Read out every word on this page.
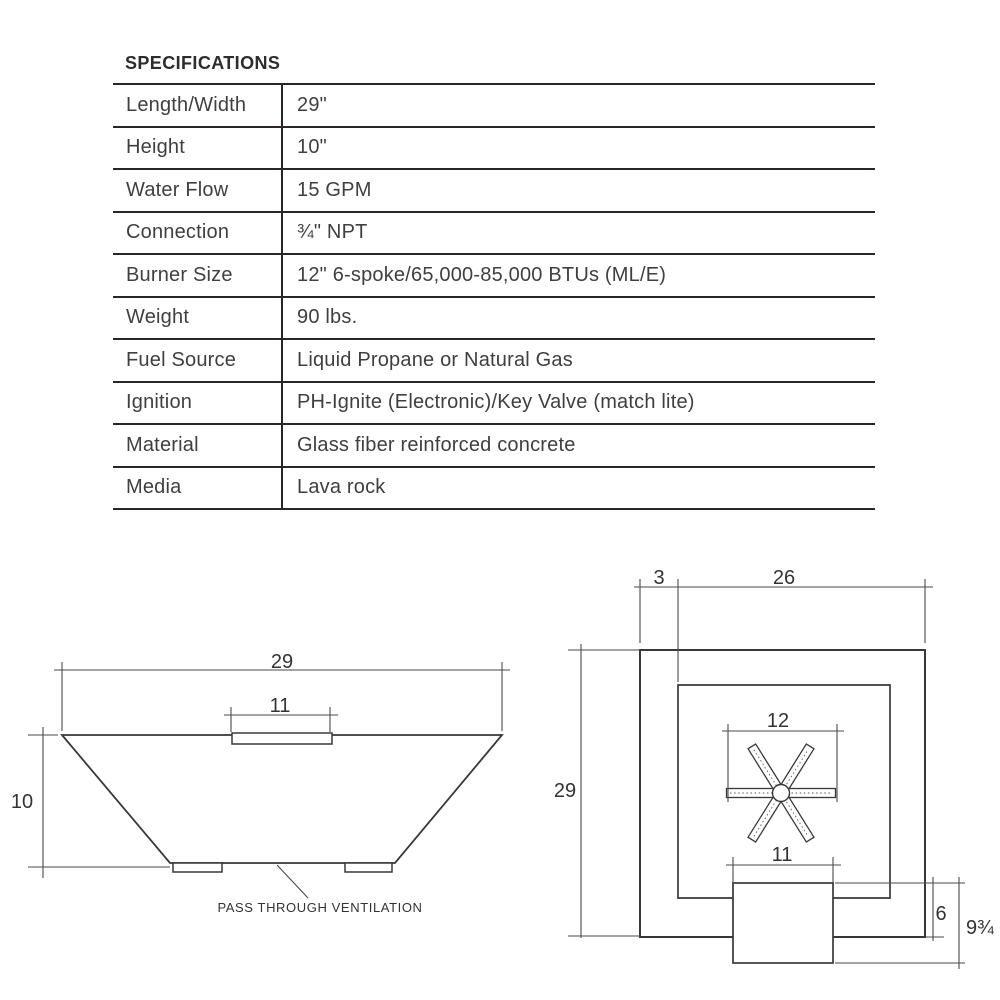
SPECIFICATIONS
Length/Width	29"
Height	10"
Water Flow	15 GPM
Connection	¾" NPT
Burner Size	12" 6-spoke/65,000-85,000 BTUs (ML/E)
Weight	90 lbs.
Fuel Source	Liquid Propane or Natural Gas
Ignition	PH-Ignite (Electronic)/Key Valve (match lite)
Material	Glass fiber reinforced concrete
Media	Lava rock
29
11
10
PASS THROUGH VENTILATION
3	26
29
12
11
6
9¾
